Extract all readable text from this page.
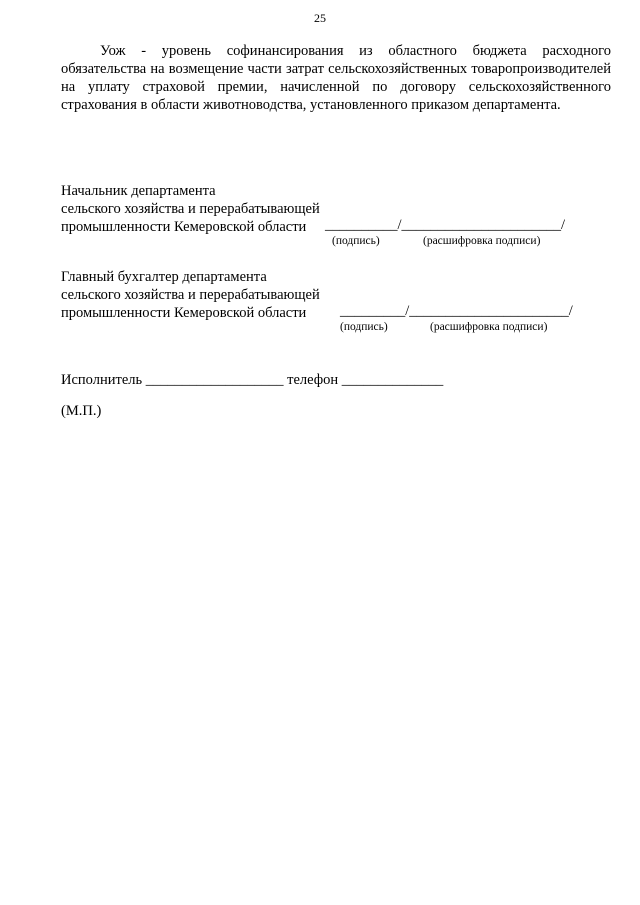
25

Уож - уровень софинансирования из областного бюджета расходного обязательства на возмещение части затрат сельскохозяйственных товаропроизводителей на уплату страховой премии, начисленной по договору сельскохозяйственного страхования в области животноводства, установленного приказом департамента.

Начальник департамента
сельского хозяйства и перерабатывающей
промышленности Кемеровской области	__________/______________________/
(подпись)	(расшифровка подписи)
Главный бухгалтер департамента
сельского хозяйства и перерабатывающей
промышленности Кемеровской области	_________/______________________/
(подпись)	(расшифровка подписи)
Исполнитель ___________________ телефон ______________
(М.П.)
